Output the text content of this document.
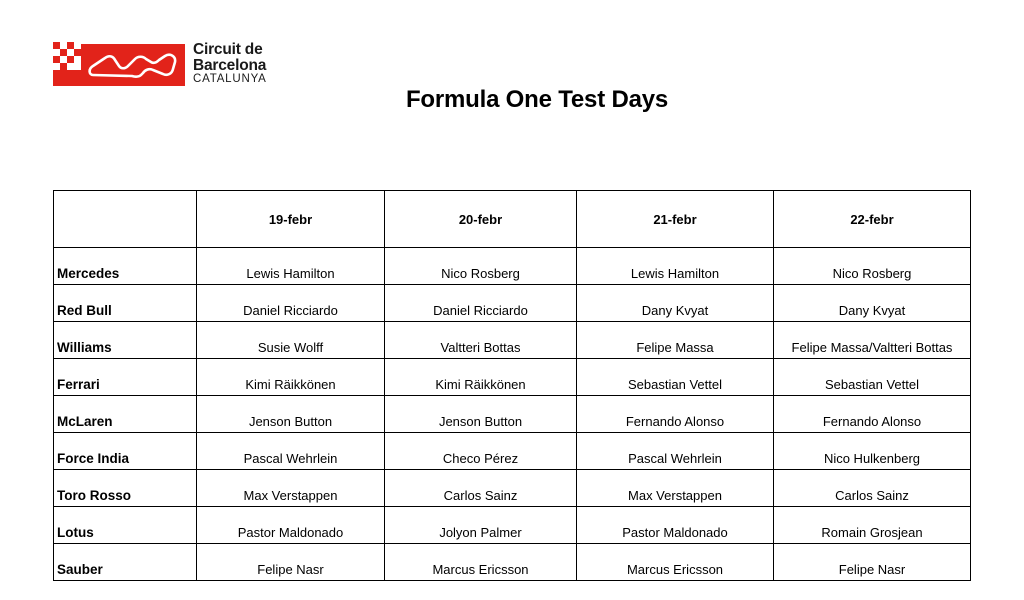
Circuit de
Barcelona
CATALUNYA
Formula One Test Days
	19-febr	20-febr	21-febr	22-febr
Mercedes	Lewis Hamilton	Nico Rosberg	Lewis Hamilton	Nico Rosberg
Red Bull	Daniel Ricciardo	Daniel Ricciardo	Dany Kvyat	Dany Kvyat
Williams	Susie Wolff	Valtteri Bottas	Felipe Massa	Felipe Massa/Valtteri Bottas
Ferrari	Kimi Räikkönen	Kimi Räikkönen	Sebastian Vettel	Sebastian Vettel
McLaren	Jenson Button	Jenson Button	Fernando Alonso	Fernando Alonso
Force India	Pascal Wehrlein	Checo Pérez	Pascal Wehrlein	Nico Hulkenberg
Toro Rosso	Max Verstappen	Carlos Sainz	Max Verstappen	Carlos Sainz
Lotus	Pastor Maldonado	Jolyon Palmer	Pastor Maldonado	Romain Grosjean
Sauber	Felipe Nasr	Marcus Ericsson	Marcus Ericsson	Felipe Nasr
